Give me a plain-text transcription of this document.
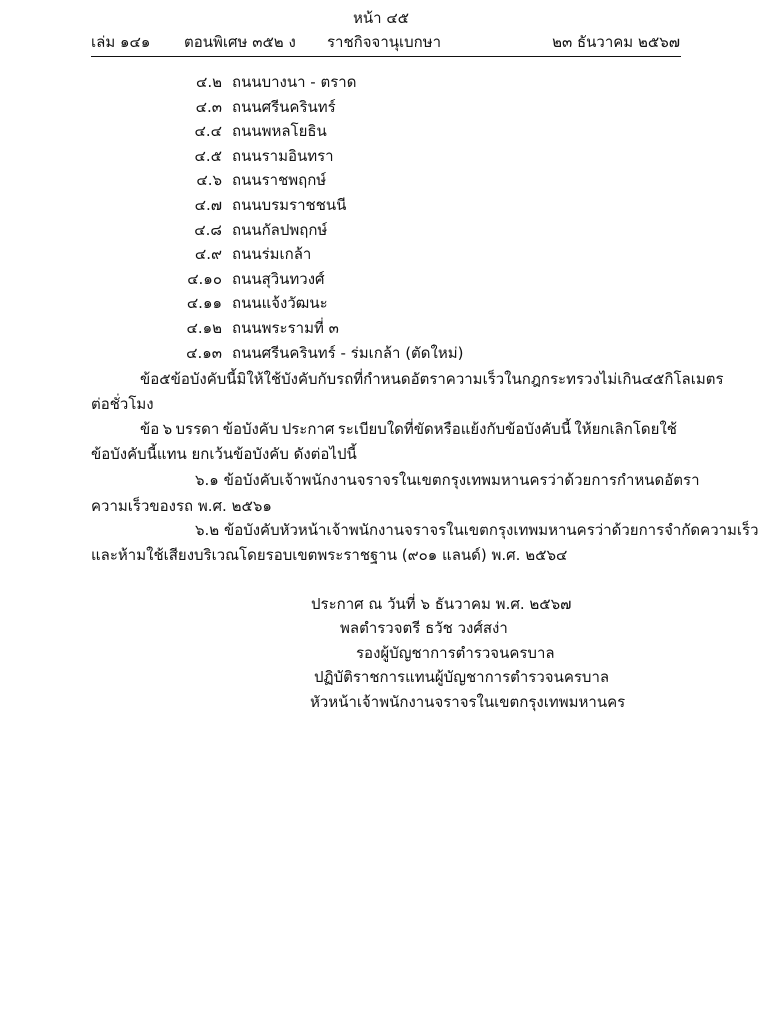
หน้า ๔๕
เล่ม ๑๔๑ ตอนพิเศษ ๓๕๒ ง ราชกิจจานุเบกษา	๒๓ ธันวาคม ๒๕๖๗
๔.๒ ถนนบางนา - ตราด
๔.๓ ถนนศรีนครินทร์
๔.๔ ถนนพหลโยธิน
๔.๕ ถนนรามอินทรา
๔.๖ ถนนราชพฤกษ์
๔.๗ ถนนบรมราชชนนี
๔.๘ ถนนกัลปพฤกษ์
๔.๙ ถนนร่มเกล้า
๔.๑๐ ถนนสุวินทวงศ์
๔.๑๑ ถนนแจ้งวัฒนะ
๔.๑๒ ถนนพระรามที่ ๓
๔.๑๓ ถนนศรีนครินทร์ - ร่มเกล้า (ตัดใหม่)
ข้อ ๕ ข้อบังคับนี้มิให้ใช้บังคับกับรถที่กำหนดอัตราความเร็วในกฎกระทรวงไม่เกิน ๔๕ กิโลเมตร
ต่อชั่วโมง
ข้อ ๖ บรรดา ข้อบังคับ ประกาศ ระเบียบใดที่ขัดหรือแย้งกับข้อบังคับนี้ ให้ยกเลิกโดยใช้
ข้อบังคับนี้แทน ยกเว้นข้อบังคับ ดังต่อไปนี้
๖.๑ ข้อบังคับเจ้าพนักงานจราจรในเขตกรุงเทพมหานครว่าด้วยการกำหนดอัตรา
ความเร็วของรถ พ.ศ. ๒๕๖๑
๖.๒ ข้อบังคับหัวหน้าเจ้าพนักงานจราจรในเขตกรุงเทพมหานครว่าด้วยการจำกัดความเร็ว
และห้ามใช้เสียงบริเวณโดยรอบเขตพระราชฐาน (๙๐๑ แลนด์) พ.ศ. ๒๕๖๔
ประกาศ ณ วันที่ ๖ ธันวาคม พ.ศ. ๒๕๖๗
พลตำรวจตรี ธวัช วงศ์สง่า
รองผู้บัญชาการตำรวจนครบาล
ปฏิบัติราชการแทนผู้บัญชาการตำรวจนครบาล
หัวหน้าเจ้าพนักงานจราจรในเขตกรุงเทพมหานคร
